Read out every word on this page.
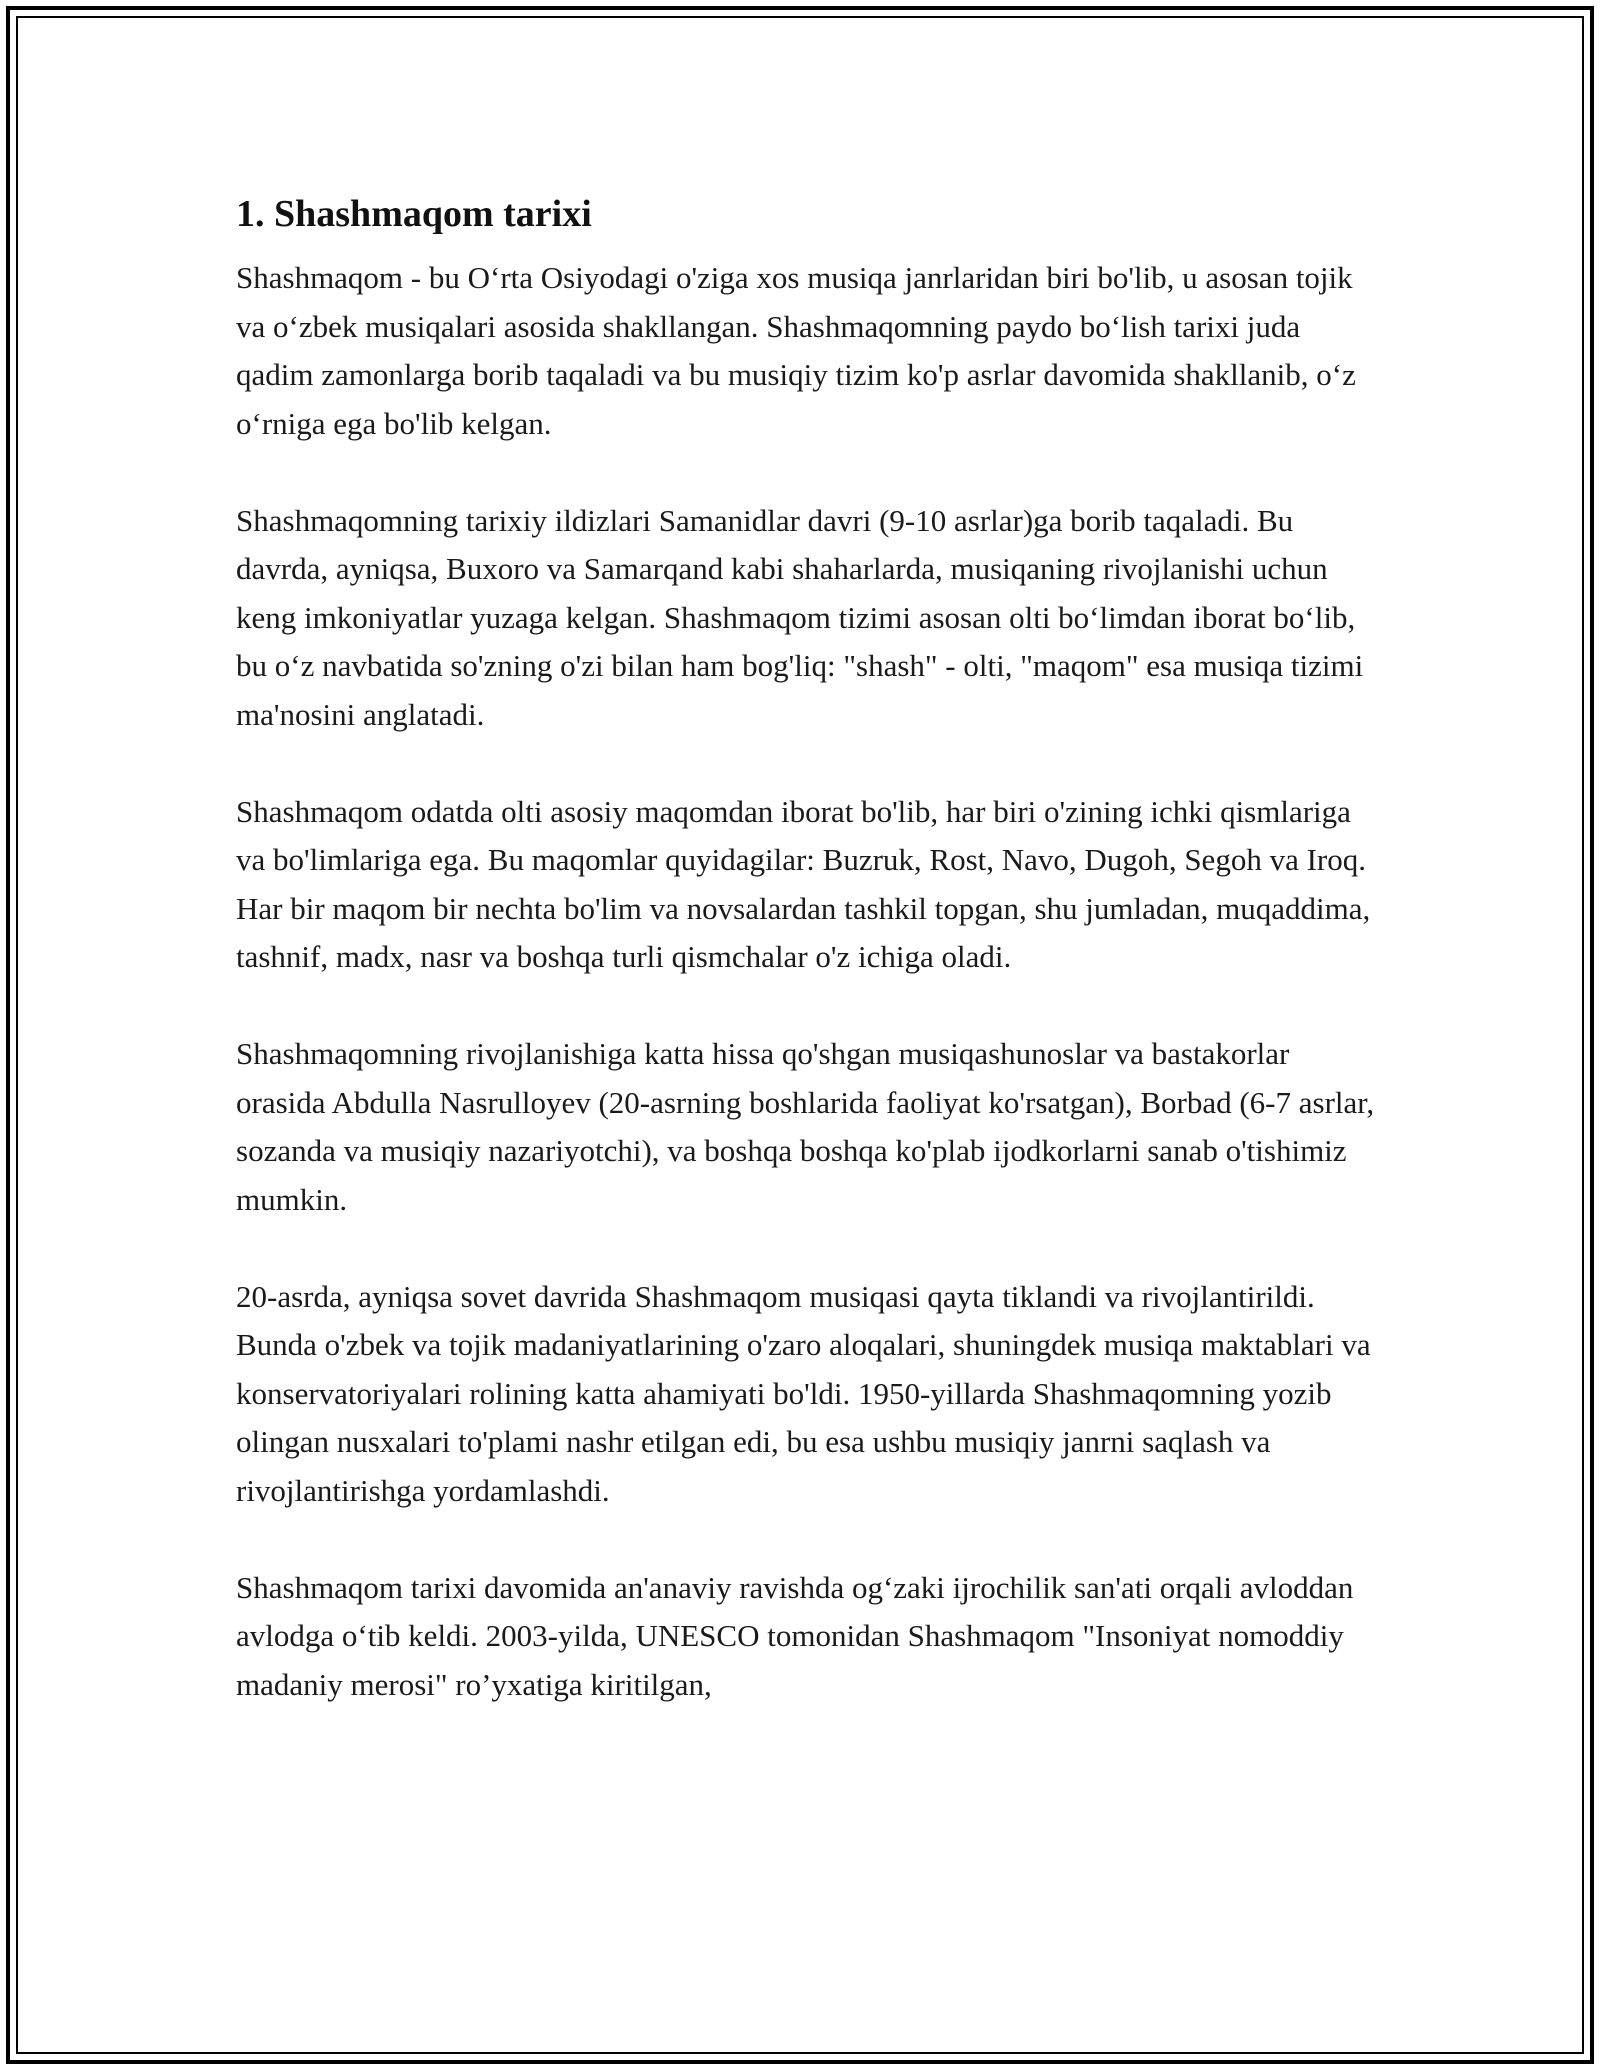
1. Shashmaqom tarixi

Shashmaqom - bu O‘rta Osiyodagi o'ziga xos musiqa janrlaridan biri bo'lib, u asosan tojik va o‘zbek musiqalari asosida shakllangan. Shashmaqomning paydo bo‘lish tarixi juda qadim zamonlarga borib taqaladi va bu musiqiy tizim ko'p asrlar davomida shakllanib, o‘z o‘rniga ega bo'lib kelgan.

Shashmaqomning tarixiy ildizlari Samanidlar davri (9-10 asrlar)ga borib taqaladi. Bu davrda, ayniqsa, Buxoro va Samarqand kabi shaharlarda, musiqaning rivojlanishi uchun keng imkoniyatlar yuzaga kelgan. Shashmaqom tizimi asosan olti bo‘limdan iborat bo‘lib, bu o‘z navbatida so'zning o'zi bilan ham bog'liq: "shash" - olti, "maqom" esa musiqa tizimi ma'nosini anglatadi.

Shashmaqom odatda olti asosiy maqomdan iborat bo'lib, har biri o'zining ichki qismlariga va bo'limlariga ega. Bu maqomlar quyidagilar: Buzruk, Rost, Navo, Dugoh, Segoh va Iroq. Har bir maqom bir nechta bo'lim va novsalardan tashkil topgan, shu jumladan, muqaddima, tashnif, madx, nasr va boshqa turli qismchalar o'z ichiga oladi.

Shashmaqomning rivojlanishiga katta hissa qo'shgan musiqashunoslar va bastakorlar orasida Abdulla Nasrulloyev (20-asrning boshlarida faoliyat ko'rsatgan), Borbad (6-7 asrlar, sozanda va musiqiy nazariyotchi), va boshqa boshqa ko'plab ijodkorlarni sanab o'tishimiz mumkin.

20-asrda, ayniqsa sovet davrida Shashmaqom musiqasi qayta tiklandi va rivojlantirildi. Bunda o'zbek va tojik madaniyatlarining o'zaro aloqalari, shuningdek musiqa maktablari va konservatoriyalari rolining katta ahamiyati bo'ldi. 1950-yillarda Shashmaqomning yozib olingan nusxalari to'plami nashr etilgan edi, bu esa ushbu musiqiy janrni saqlash va rivojlantirishga yordamlashdi.

Shashmaqom tarixi davomida an'anaviy ravishda og‘zaki ijrochilik san'ati orqali avloddan avlodga o‘tib keldi. 2003-yilda, UNESCO tomonidan Shashmaqom "Insoniyat nomoddiy madaniy merosi" ro’yxatiga kiritilgan,
